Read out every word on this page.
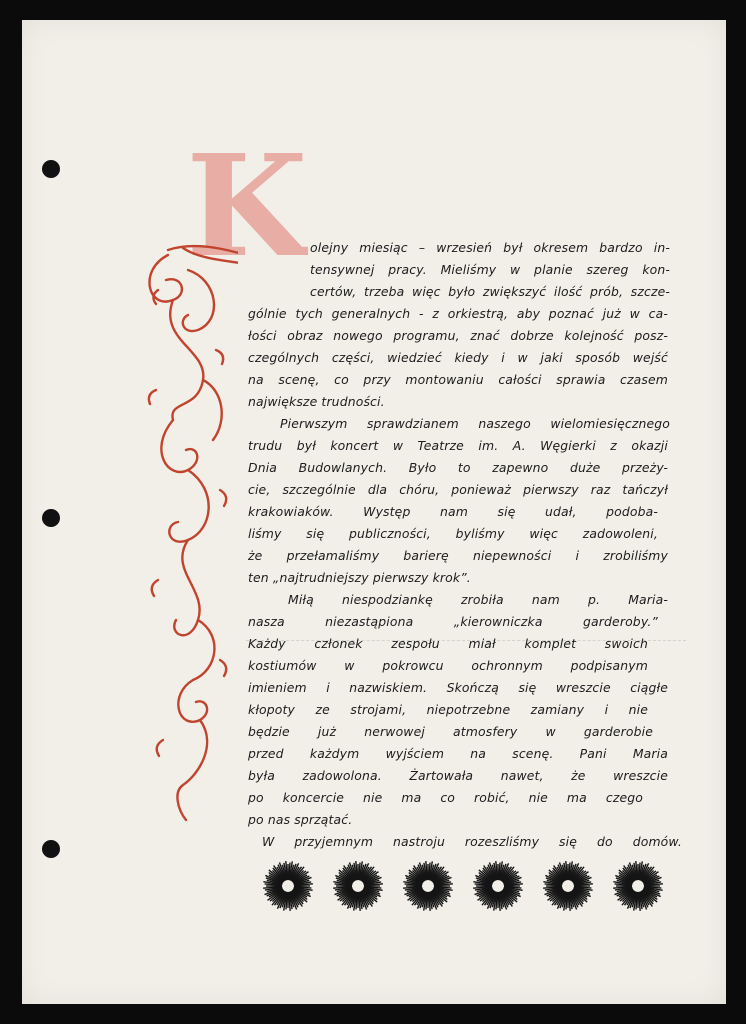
K olejny miesiąc – wrzesień był okresem bardzo in-
tensywnej pracy. Mieliśmy w planie szereg kon-
certów, trzeba więc było zwiększyć ilość prób, szcze-
gólnie tych generalnych - z orkiestrą, aby poznać już w ca-
łości obraz nowego programu, znać dobrze kolejność posz-
czególnych części, wiedzieć kiedy i w jaki sposób wejść
na scenę, co przy montowaniu całości sprawia czasem
największe trudności.
Pierwszym sprawdzianem naszego wielomiesięcznego
trudu był koncert w Teatrze im. A. Węgierki z okazji
Dnia Budowlanych. Było to zapewno duże przeży-
cie, szczególnie dla chóru, ponieważ pierwszy raz tańczył
krakowiaków. Występ nam się udał, podoba-
liśmy się publiczności, byliśmy więc zadowoleni,
że przełamaliśmy barierę niepewności i zrobiliśmy
ten „najtrudniejszy pierwszy krok”.
Miłą niespodziankę zrobiła nam p. Maria-
nasza niezastąpiona „kierowniczka garderoby.”
Każdy członek zespołu miał komplet swoich
kostiumów w pokrowcu ochronnym podpisanym
imieniem i nazwiskiem. Skończą się wreszcie ciągłe
kłopoty ze strojami, niepotrzebne zamiany i nie
będzie już nerwowej atmosfery w garderobie
przed każdym wyjściem na scenę. Pani Maria
była zadowolona. Żartowała nawet, że wreszcie
po koncercie nie ma co robić, nie ma czego
po nas sprzątać.
W przyjemnym nastroju rozeszliśmy się do domów.
